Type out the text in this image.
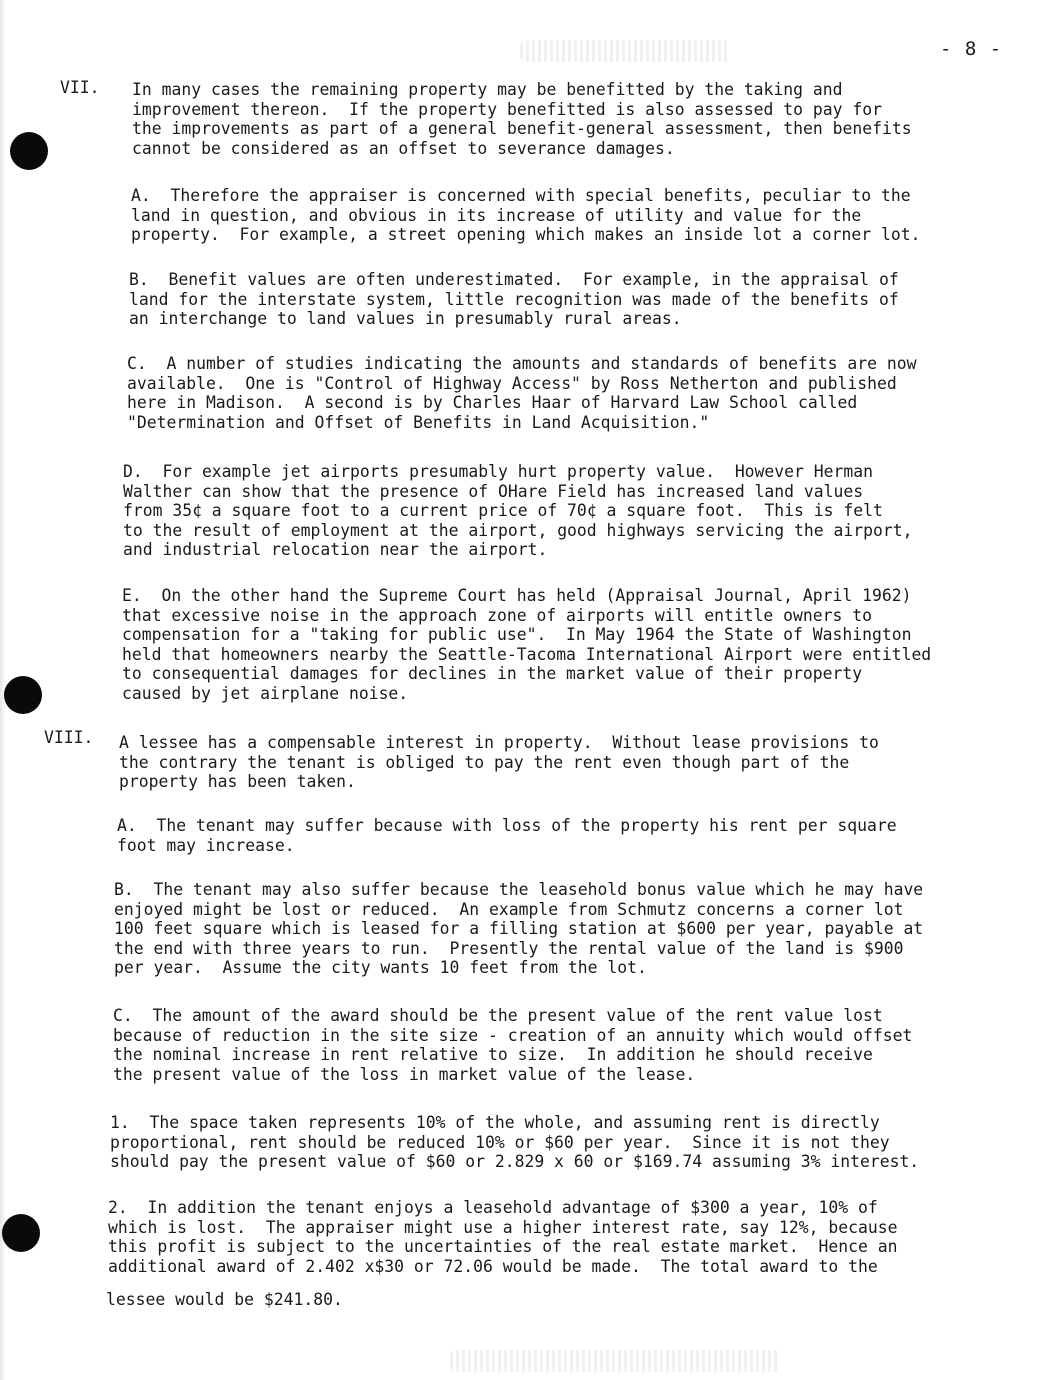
- 8 -
VII. In many cases the remaining property may be benefitted by the taking and
improvement thereon.  If the property benefitted is also assessed to pay for
the improvements as part of a general benefit-general assessment, then benefits
cannot be considered as an offset to severance damages.
A.  Therefore the appraiser is concerned with special benefits, peculiar to the
land in question, and obvious in its increase of utility and value for the
property.  For example, a street opening which makes an inside lot a corner lot.
B.  Benefit values are often underestimated.  For example, in the appraisal of
land for the interstate system, little recognition was made of the benefits of
an interchange to land values in presumably rural areas.
C.  A number of studies indicating the amounts and standards of benefits are now
available.  One is "Control of Highway Access" by Ross Netherton and published
here in Madison.  A second is by Charles Haar of Harvard Law School called
"Determination and Offset of Benefits in Land Acquisition."
D.  For example jet airports presumably hurt property value.  However Herman
Walther can show that the presence of OHare Field has increased land values
from 35¢ a square foot to a current price of 70¢ a square foot.  This is felt
to the result of employment at the airport, good highways servicing the airport,
and industrial relocation near the airport.
E.  On the other hand the Supreme Court has held (Appraisal Journal, April 1962)
that excessive noise in the approach zone of airports will entitle owners to
compensation for a "taking for public use".  In May 1964 the State of Washington
held that homeowners nearby the Seattle-Tacoma International Airport were entitled
to consequential damages for declines in the market value of their property
caused by jet airplane noise.
VIII. A lessee has a compensable interest in property.  Without lease provisions to
the contrary the tenant is obliged to pay the rent even though part of the
property has been taken.
A.  The tenant may suffer because with loss of the property his rent per square
foot may increase.
B.  The tenant may also suffer because the leasehold bonus value which he may have
enjoyed might be lost or reduced.  An example from Schmutz concerns a corner lot
100 feet square which is leased for a filling station at $600 per year, payable at
the end with three years to run.  Presently the rental value of the land is $900
per year.  Assume the city wants 10 feet from the lot.
C.  The amount of the award should be the present value of the rent value lost
because of reduction in the site size - creation of an annuity which would offset
the nominal increase in rent relative to size.  In addition he should receive
the present value of the loss in market value of the lease.
1.  The space taken represents 10% of the whole, and assuming rent is directly
proportional, rent should be reduced 10% or $60 per year.  Since it is not they
should pay the present value of $60 or 2.829 x 60 or $169.74 assuming 3% interest.
2.  In addition the tenant enjoys a leasehold advantage of $300 a year, 10% of
which is lost.  The appraiser might use a higher interest rate, say 12%, because
this profit is subject to the uncertainties of the real estate market.  Hence an
additional award of 2.402 x$30 or 72.06 would be made.  The total award to the
lessee would be $241.80.
